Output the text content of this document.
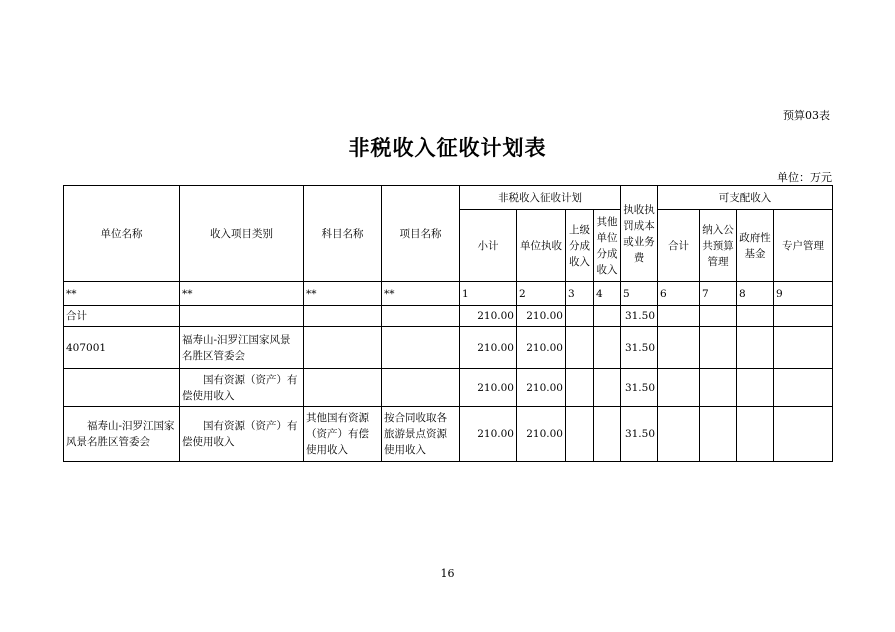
预算03表
非税收入征收计划表
单位：万元
单位名称	收入项目类别	科目名称	项目名称	非税收入征收计划				执收执罚成本或业务费	可支配收入			
				小计	单位执收	上级分成收入	其他单位分成收入		合计	纳入公共预算管理	政府性基金	专户管理
**	**	**	**	1	2	3	4	5	6	7	8	9
合计				210.00	210.00			31.50				
407001	福寿山-汨罗江国家风景名胜区管委会			210.00	210.00			31.50				
	国有资源（资产）有偿使用收入			210.00	210.00			31.50				
福寿山-汨罗江国家风景名胜区管委会	国有资源（资产）有偿使用收入	其他国有资源（资产）有偿使用收入	按合同收取各旅游景点资源使用收入	210.00	210.00			31.50				
16
